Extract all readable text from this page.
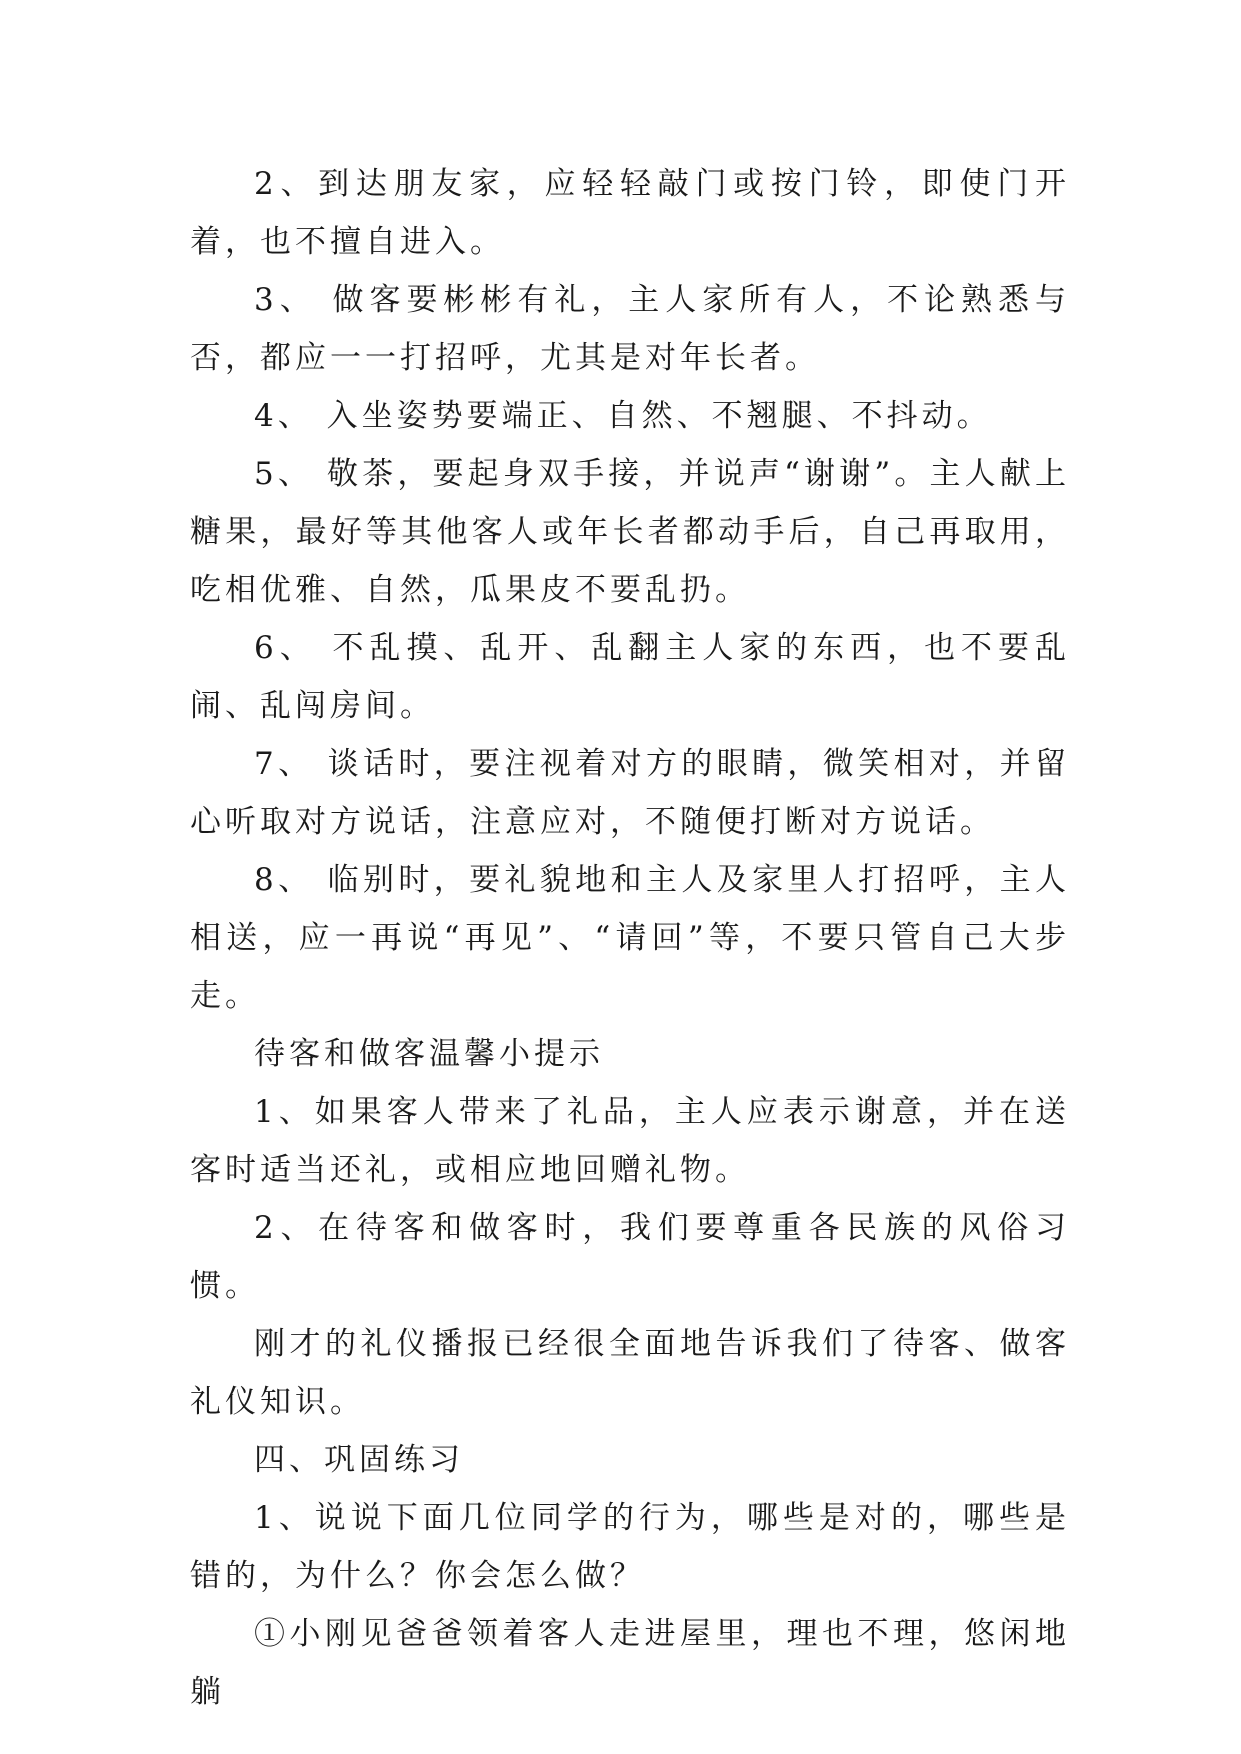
2、到达朋友家，应轻轻敲门或按门铃，即使门开着，也不擅自进入。

3、 做客要彬彬有礼，主人家所有人，不论熟悉与否，都应一一打招呼，尤其是对年长者。

4、 入坐姿势要端正、自然、不翘腿、不抖动。

5、 敬茶，要起身双手接，并说声“谢谢”。主人献上糖果，最好等其他客人或年长者都动手后，自己再取用，吃相优雅、自然，瓜果皮不要乱扔。

6、 不乱摸、乱开、乱翻主人家的东西，也不要乱闹、乱闯房间。

7、 谈话时，要注视着对方的眼睛，微笑相对，并留心听取对方说话，注意应对，不随便打断对方说话。

8、 临别时，要礼貌地和主人及家里人打招呼，主人相送，应一再说“再见”、“请回”等，不要只管自己大步走。

待客和做客温馨小提示

1、如果客人带来了礼品，主人应表示谢意，并在送客时适当还礼，或相应地回赠礼物。

2、在待客和做客时，我们要尊重各民族的风俗习惯。

刚才的礼仪播报已经很全面地告诉我们了待客、做客礼仪知识。

四、巩固练习

1、说说下面几位同学的行为，哪些是对的，哪些是错的，为什么？你会怎么做？

①小刚见爸爸领着客人走进屋里，理也不理，悠闲地躺
